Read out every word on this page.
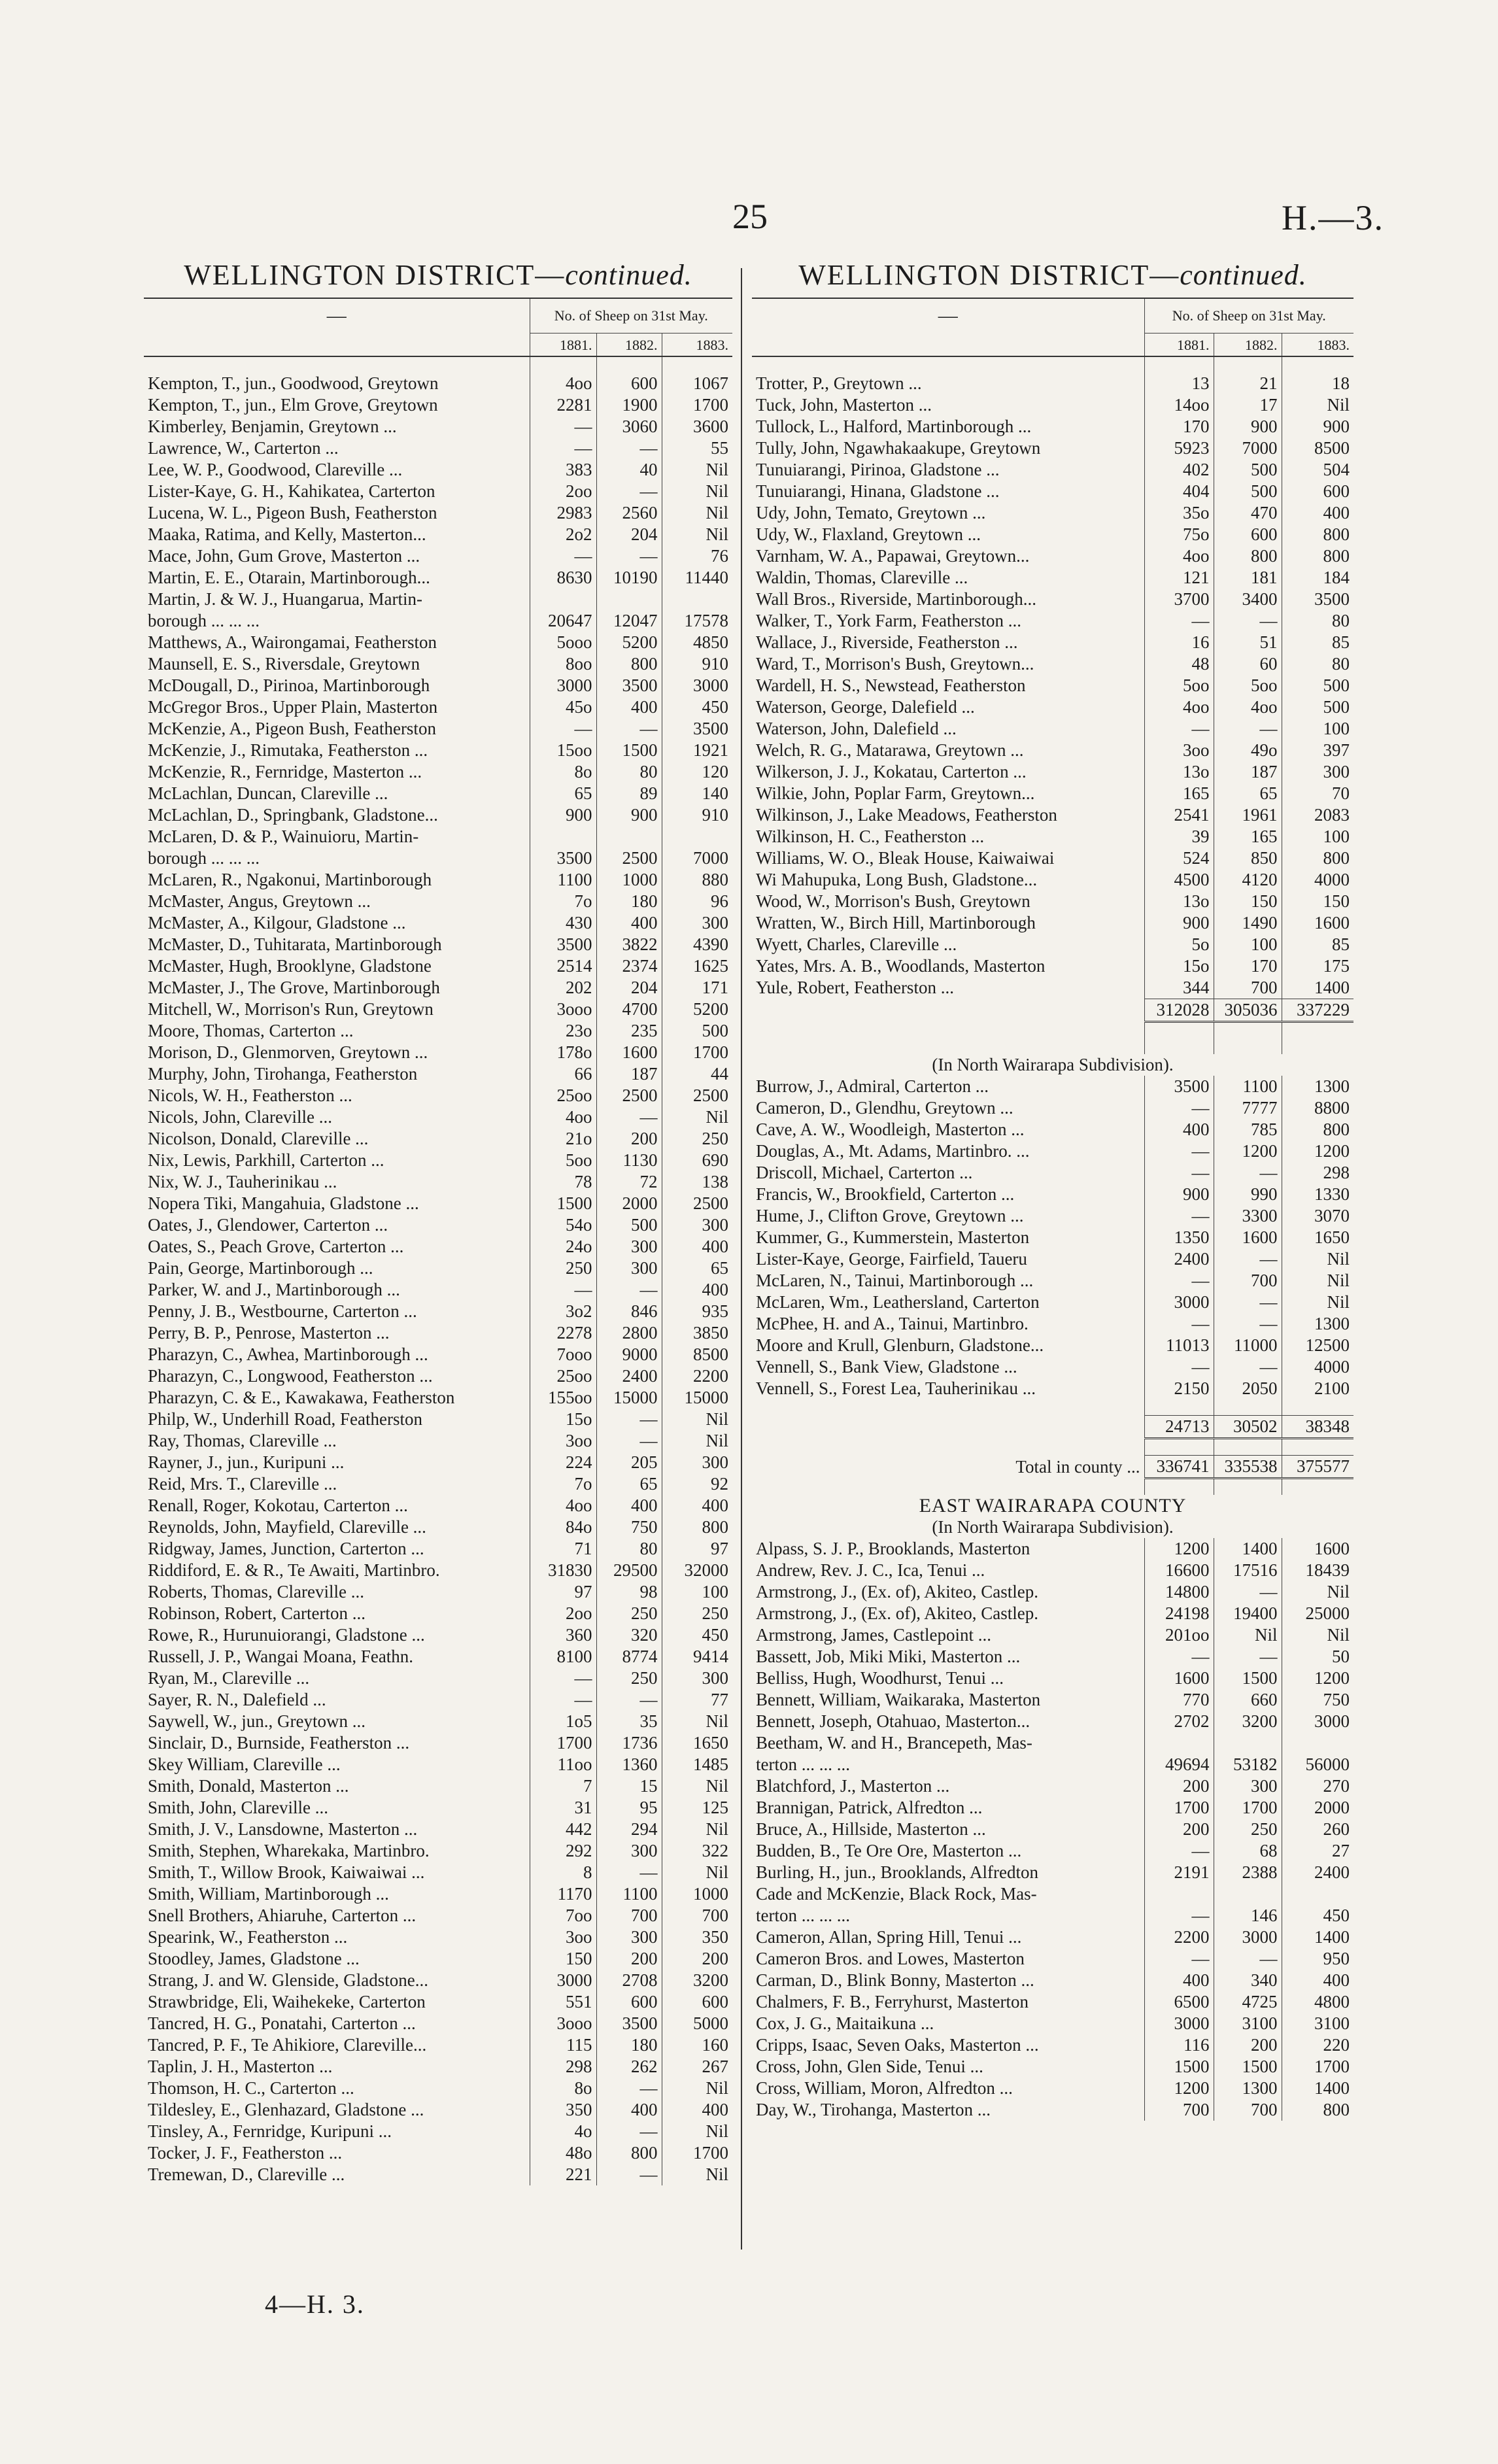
25	H.—3.
WELLINGTON DISTRICT—continued.
—	No. of Sheep on 31st May.		
	1881.	1882.	1883.

Kempton, T., jun., Goodwood, Greytown	4oo	600	1067
Kempton, T., jun., Elm Grove, Greytown	2281	1900	1700
Kimberley, Benjamin, Greytown ...	—	3060	3600
Lawrence, W., Carterton ...	—	—	55
Lee, W. P., Goodwood, Clareville ...	383	40	Nil
Lister-Kaye, G. H., Kahikatea, Carterton	2oo	—	Nil
Lucena, W. L., Pigeon Bush, Featherston	2983	2560	Nil
Maaka, Ratima, and Kelly, Masterton...	2o2	204	Nil
Mace, John, Gum Grove, Masterton ...	—	—	76
Martin, E. E., Otarain, Martinborough...	8630	10190	11440
Martin, J. & W. J., Huangarua, Martin-			
borough ... ... ...	20647	12047	17578
Matthews, A., Wairongamai, Featherston	5ooo	5200	4850
Maunsell, E. S., Riversdale, Greytown	8oo	800	910
McDougall, D., Pirinoa, Martinborough	3000	3500	3000
McGregor Bros., Upper Plain, Masterton	45o	400	450
McKenzie, A., Pigeon Bush, Featherston	—	—	3500
McKenzie, J., Rimutaka, Featherston ...	15oo	1500	1921
McKenzie, R., Fernridge, Masterton ...	8o	80	120
McLachlan, Duncan, Clareville ...	65	89	140
McLachlan, D., Springbank, Gladstone...	900	900	910
McLaren, D. & P., Wainuioru, Martin-			
borough ... ... ...	3500	2500	7000
McLaren, R., Ngakonui, Martinborough	1100	1000	880
McMaster, Angus, Greytown ...	7o	180	96
McMaster, A., Kilgour, Gladstone ...	430	400	300
McMaster, D., Tuhitarata, Martinborough	3500	3822	4390
McMaster, Hugh, Brooklyne, Gladstone	2514	2374	1625
McMaster, J., The Grove, Martinborough	202	204	171
Mitchell, W., Morrison's Run, Greytown	3ooo	4700	5200
Moore, Thomas, Carterton ...	23o	235	500
Morison, D., Glenmorven, Greytown ...	178o	1600	1700
Murphy, John, Tirohanga, Featherston	66	187	44
Nicols, W. H., Featherston ...	25oo	2500	2500
Nicols, John, Clareville ...	4oo	—	Nil
Nicolson, Donald, Clareville ...	21o	200	250
Nix, Lewis, Parkhill, Carterton ...	5oo	1130	690
Nix, W. J., Tauherinikau ...	78	72	138
Nopera Tiki, Mangahuia, Gladstone ...	1500	2000	2500
Oates, J., Glendower, Carterton ...	54o	500	300
Oates, S., Peach Grove, Carterton ...	24o	300	400
Pain, George, Martinborough ...	250	300	65
Parker, W. and J., Martinborough ...	—	—	400
Penny, J. B., Westbourne, Carterton ...	3o2	846	935
Perry, B. P., Penrose, Masterton ...	2278	2800	3850
Pharazyn, C., Awhea, Martinborough ...	7ooo	9000	8500
Pharazyn, C., Longwood, Featherston ...	25oo	2400	2200
Pharazyn, C. & E., Kawakawa, Featherston	155oo	15000	15000
Philp, W., Underhill Road, Featherston	15o	—	Nil
Ray, Thomas, Clareville ...	3oo	—	Nil
Rayner, J., jun., Kuripuni ...	224	205	300
Reid, Mrs. T., Clareville ...	7o	65	92
Renall, Roger, Kokotau, Carterton ...	4oo	400	400
Reynolds, John, Mayfield, Clareville ...	84o	750	800
Ridgway, James, Junction, Carterton ...	71	80	97
Riddiford, E. & R., Te Awaiti, Martinbro.	31830	29500	32000
Roberts, Thomas, Clareville ...	97	98	100
Robinson, Robert, Carterton ...	2oo	250	250
Rowe, R., Hurunuiorangi, Gladstone ...	360	320	450
Russell, J. P., Wangai Moana, Feathn.	8100	8774	9414
Ryan, M., Clareville ...	—	250	300
Sayer, R. N., Dalefield ...	—	—	77
Saywell, W., jun., Greytown ...	1o5	35	Nil
Sinclair, D., Burnside, Featherston ...	1700	1736	1650
Skey William, Clareville ...	11oo	1360	1485
Smith, Donald, Masterton ...	7	15	Nil
Smith, John, Clareville ...	31	95	125
Smith, J. V., Lansdowne, Masterton ...	442	294	Nil
Smith, Stephen, Wharekaka, Martinbro.	292	300	322
Smith, T., Willow Brook, Kaiwaiwai ...	8	—	Nil
Smith, William, Martinborough ...	1170	1100	1000
Snell Brothers, Ahiaruhe, Carterton ...	7oo	700	700
Spearink, W., Featherston ...	3oo	300	350
Stoodley, James, Gladstone ...	150	200	200
Strang, J. and W. Glenside, Gladstone...	3000	2708	3200
Strawbridge, Eli, Waihekeke, Carterton	551	600	600
Tancred, H. G., Ponatahi, Carterton ...	3ooo	3500	5000
Tancred, P. F., Te Ahikiore, Clareville...	115	180	160
Taplin, J. H., Masterton ...	298	262	267
Thomson, H. C., Carterton ...	8o	—	Nil
Tildesley, E., Glenhazard, Gladstone ...	350	400	400
Tinsley, A., Fernridge, Kuripuni ...	4o	—	Nil
Tocker, J. F., Featherston ...	48o	800	1700
Tremewan, D., Clareville ...	221	—	Nil
WELLINGTON DISTRICT—continued.
—	No. of Sheep on 31st May.		
	1881.	1882.	1883.

Trotter, P., Greytown ...	13	21	18
Tuck, John, Masterton ...	14oo	17	Nil
Tullock, L., Halford, Martinborough ...	170	900	900
Tully, John, Ngawhakaakupe, Greytown	5923	7000	8500
Tunuiarangi, Pirinoa, Gladstone ...	402	500	504
Tunuiarangi, Hinana, Gladstone ...	404	500	600
Udy, John, Temato, Greytown ...	35o	470	400
Udy, W., Flaxland, Greytown ...	75o	600	800
Varnham, W. A., Papawai, Greytown...	4oo	800	800
Waldin, Thomas, Clareville ...	121	181	184
Wall Bros., Riverside, Martinborough...	3700	3400	3500
Walker, T., York Farm, Featherston ...	—	—	80
Wallace, J., Riverside, Featherston ...	16	51	85
Ward, T., Morrison's Bush, Greytown...	48	60	80
Wardell, H. S., Newstead, Featherston	5oo	5oo	500
Waterson, George, Dalefield ...	4oo	4oo	500
Waterson, John, Dalefield ...	—	—	100
Welch, R. G., Matarawa, Greytown ...	3oo	49o	397
Wilkerson, J. J., Kokatau, Carterton ...	13o	187	300
Wilkie, John, Poplar Farm, Greytown...	165	65	70
Wilkinson, J., Lake Meadows, Featherston	2541	1961	2083
Wilkinson, H. C., Featherston ...	39	165	100
Williams, W. O., Bleak House, Kaiwaiwai	524	850	800
Wi Mahupuka, Long Bush, Gladstone...	4500	4120	4000
Wood, W., Morrison's Bush, Greytown	13o	150	150
Wratten, W., Birch Hill, Martinborough	900	1490	1600
Wyett, Charles, Clareville ...	5o	100	85
Yates, Mrs. A. B., Woodlands, Masterton	15o	170	175
Yule, Robert, Featherston ...	344	700	1400
	312028	305036	337229

(In North Wairarapa Subdivision).			
Burrow, J., Admiral, Carterton ...	3500	1100	1300
Cameron, D., Glendhu, Greytown ...	—	7777	8800
Cave, A. W., Woodleigh, Masterton ...	400	785	800
Douglas, A., Mt. Adams, Martinbro. ...	—	1200	1200
Driscoll, Michael, Carterton ...	—	—	298
Francis, W., Brookfield, Carterton ...	900	990	1330
Hume, J., Clifton Grove, Greytown ...	—	3300	3070
Kummer, G., Kummerstein, Masterton	1350	1600	1650
Lister-Kaye, George, Fairfield, Taueru	2400	—	Nil
McLaren, N., Tainui, Martinborough ...	—	700	Nil
McLaren, Wm., Leathersland, Carterton	3000	—	Nil
McPhee, H. and A., Tainui, Martinbro.	—	—	1300
Moore and Krull, Glenburn, Gladstone...	11013	11000	12500
Vennell, S., Bank View, Gladstone ...	—	—	4000
Vennell, S., Forest Lea, Tauherinikau ...	2150	2050	2100

	24713	30502	38348

Total in county ...	336741	335538	375577

EAST WAIRARAPA COUNTY			
(In North Wairarapa Subdivision).			
Alpass, S. J. P., Brooklands, Masterton	1200	1400	1600
Andrew, Rev. J. C., Ica, Tenui ...	16600	17516	18439
Armstrong, J., (Ex. of), Akiteo, Castlep.	14800	—	Nil
Armstrong, J., (Ex. of), Akiteo, Castlep.	24198	19400	25000
Armstrong, James, Castlepoint ...	201oo	Nil	Nil
Bassett, Job, Miki Miki, Masterton ...	—	—	50
Belliss, Hugh, Woodhurst, Tenui ...	1600	1500	1200
Bennett, William, Waikaraka, Masterton	770	660	750
Bennett, Joseph, Otahuao, Masterton...	2702	3200	3000
Beetham, W. and H., Brancepeth, Mas-			
terton ... ... ...	49694	53182	56000
Blatchford, J., Masterton ...	200	300	270
Brannigan, Patrick, Alfredton ...	1700	1700	2000
Bruce, A., Hillside, Masterton ...	200	250	260
Budden, B., Te Ore Ore, Masterton ...	—	68	27
Burling, H., jun., Brooklands, Alfredton	2191	2388	2400
Cade and McKenzie, Black Rock, Mas-			
terton ... ... ...	—	146	450
Cameron, Allan, Spring Hill, Tenui ...	2200	3000	1400
Cameron Bros. and Lowes, Masterton	—	—	950
Carman, D., Blink Bonny, Masterton ...	400	340	400
Chalmers, F. B., Ferryhurst, Masterton	6500	4725	4800
Cox, J. G., Maitaikuna ...	3000	3100	3100
Cripps, Isaac, Seven Oaks, Masterton ...	116	200	220
Cross, John, Glen Side, Tenui ...	1500	1500	1700
Cross, William, Moron, Alfredton ...	1200	1300	1400
Day, W., Tirohanga, Masterton ...	700	700	800
4—H. 3.
